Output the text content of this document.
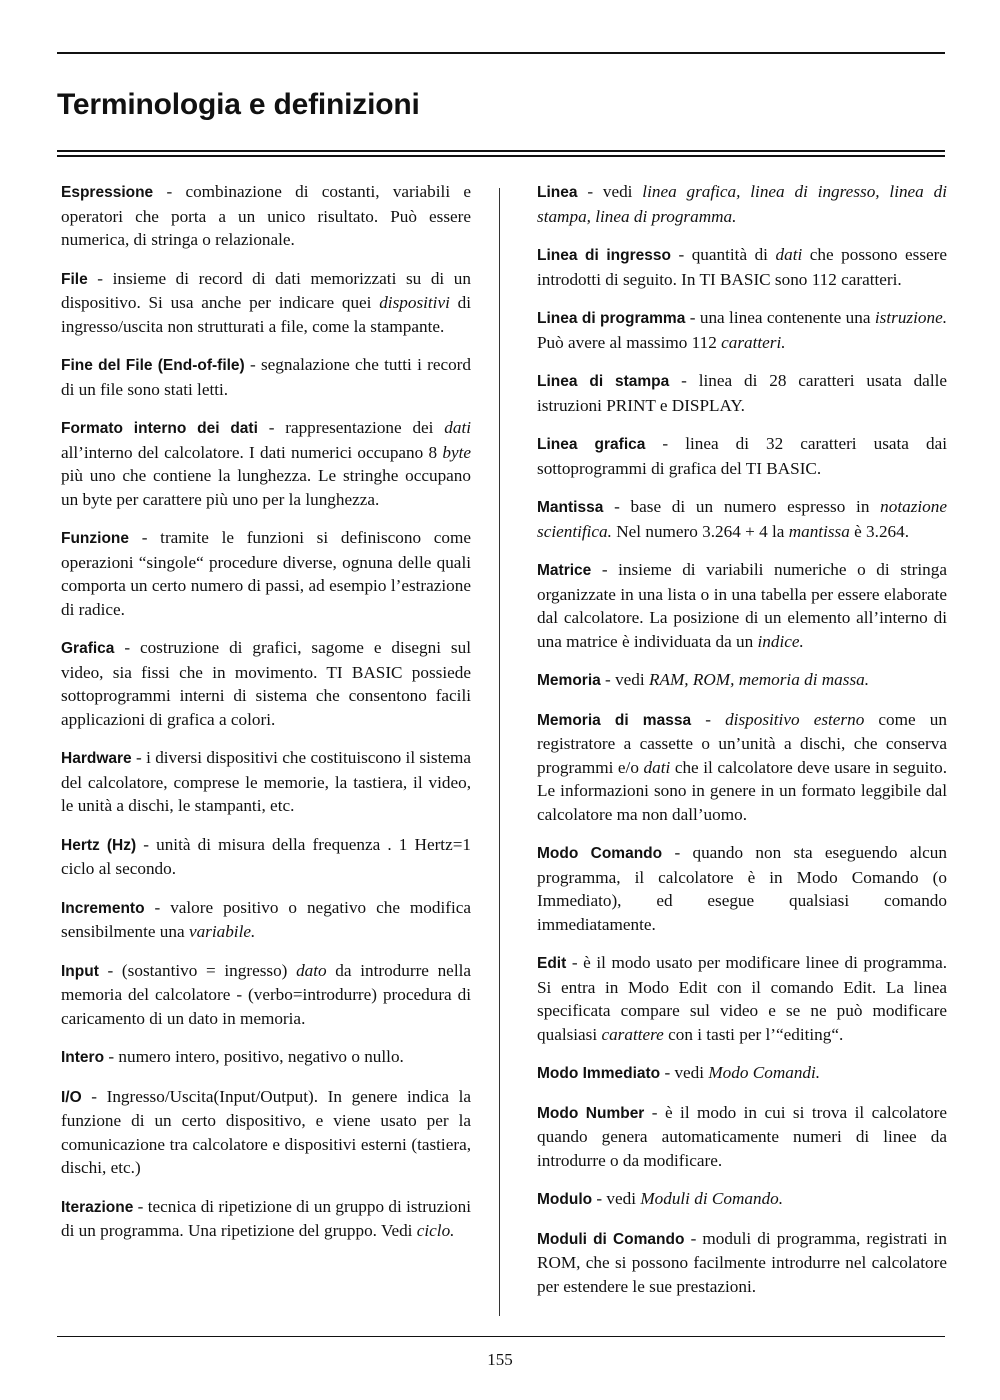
Terminologia e definizioni

Espressione - combinazione di costanti, variabili e operatori che porta a un unico risultato. Può essere numerica, di stringa o relazionale.

File - insieme di record di dati memorizzati su di un dispositivo. Si usa anche per indicare quei dispositivi di ingresso/uscita non strutturati a file, come la stampante.

Fine del File (End-of-file) - segnalazione che tutti i record di un file sono stati letti.

Formato interno dei dati - rappresentazione dei dati all’interno del calcolatore. I dati numerici occupano 8 byte più uno che contiene la lunghezza. Le stringhe occupano un byte per carattere più uno per la lunghezza.

Funzione - tramite le funzioni si definiscono come operazioni “singole“ procedure diverse, ognuna delle quali comporta un certo numero di passi, ad esempio l’estrazione di radice.

Grafica - costruzione di grafici, sagome e disegni sul video, sia fissi che in movimento. TI BASIC possiede sottoprogrammi interni di sistema che consentono facili applicazioni di grafica a colori.

Hardware - i diversi dispositivi che costituiscono il sistema del calcolatore, comprese le memorie, la tastiera, il video, le unità a dischi, le stampanti, etc.

Hertz (Hz) - unità di misura della frequenza . 1 Hertz=1 ciclo al secondo.

Incremento - valore positivo o negativo che modifica sensibilmente una variabile.

Input - (sostantivo = ingresso) dato da introdurre nella memoria del calcolatore - (verbo=introdurre) procedura di caricamento di un dato in memoria.

Intero - numero intero, positivo, negativo o nullo.

I/O - Ingresso/Uscita(Input/Output). In genere indica la funzione di un certo dispositivo, e viene usato per la comunicazione tra calcolatore e dispositivi esterni (tastiera, dischi, etc.)

Iterazione - tecnica di ripetizione di un gruppo di istruzioni di un programma. Una ripetizione del gruppo. Vedi ciclo.

Linea - vedi linea grafica, linea di ingresso, linea di stampa, linea di programma.

Linea di ingresso - quantità di dati che possono essere introdotti di seguito. In TI BASIC sono 112 caratteri.

Linea di programma - una linea contenente una istruzione. Può avere al massimo 112 caratteri.

Linea di stampa - linea di 28 caratteri usata dalle istruzioni PRINT e DISPLAY.

Linea grafica - linea di 32 caratteri usata dai sottoprogrammi di grafica del TI BASIC.

Mantissa - base di un numero espresso in notazione scientifica. Nel numero 3.264 + 4 la mantissa è 3.264.

Matrice - insieme di variabili numeriche o di stringa organizzate in una lista o in una tabella per essere elaborate dal calcolatore. La posizione di un elemento all’interno di una matrice è individuata da un indice.

Memoria - vedi RAM, ROM, memoria di massa.

Memoria di massa - dispositivo esterno come un registratore a cassette o un’unità a dischi, che conserva programmi e/o dati che il calcolatore deve usare in seguito. Le informazioni sono in genere in un formato leggibile dal calcolatore ma non dall’uomo.

Modo Comando - quando non sta eseguendo alcun programma, il calcolatore è in Modo Comando (o Immediato), ed esegue qualsiasi comando immediatamente.

Edit - è il modo usato per modificare linee di programma. Si entra in Modo Edit con il comando Edit. La linea specificata compare sul video e se ne può modificare qualsiasi carattere con i tasti per l’“editing“.

Modo Immediato - vedi Modo Comandi.

Modo Number - è il modo in cui si trova il calcolatore quando genera automaticamente numeri di linee da introdurre o da modificare.

Modulo - vedi Moduli di Comando.

Moduli di Comando - moduli di programma, registrati in ROM, che si possono facilmente introdurre nel calcolatore per estendere le sue prestazioni.

155
